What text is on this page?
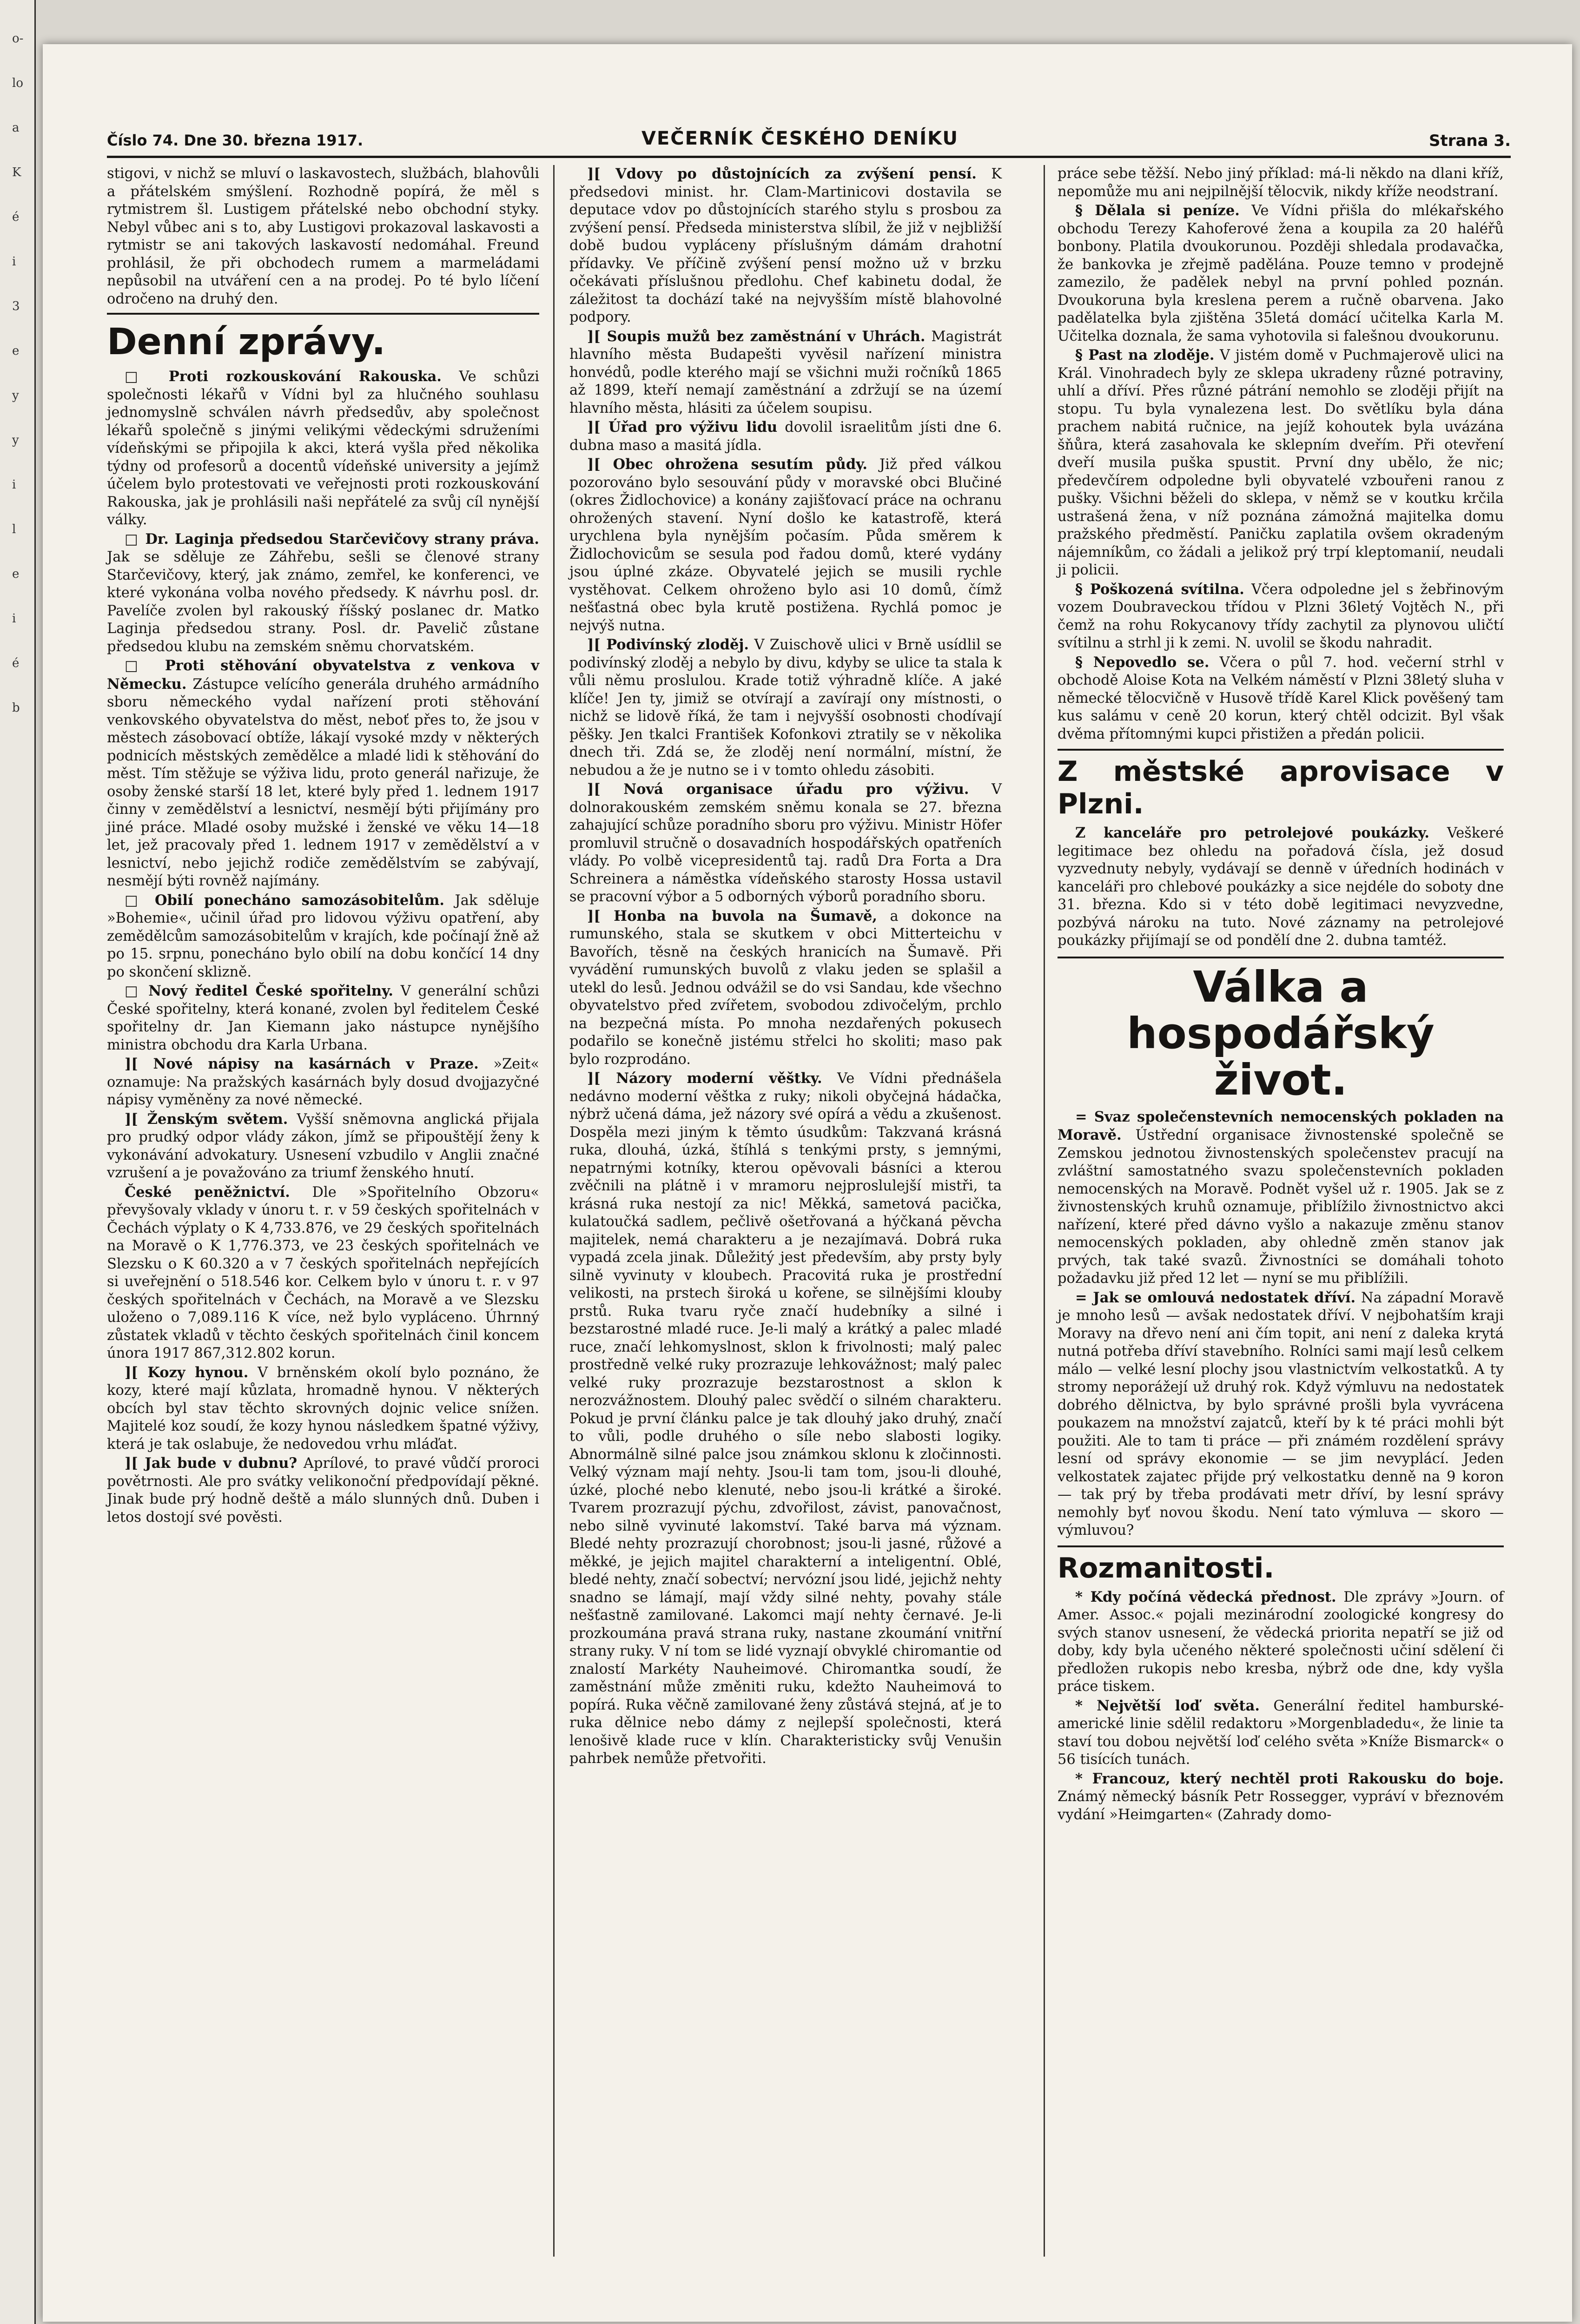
o-
lo
a
K
é
i
3
e
y
y
i
l
e
i
é
b
Číslo 74. Dne 30. března 1917.	VEČERNÍK ČESKÉHO DENÍKU	Strana 3.

stigovi, v nichž se mluví o laskavostech, službách, blahovůli a přátelském smýšlení. Rozhodně popírá, že měl s rytmistrem šl. Lustigem přátelské nebo obchodní styky. Nebyl vůbec ani s to, aby Lustigovi prokazoval laskavosti a rytmistr se ani takových laskavostí nedomáhal. Freund prohlásil, že při obchodech rumem a marmeládami nepůsobil na utváření cen a na prodej. Po té bylo líčení odročeno na druhý den.

Denní zprávy.

□ Proti rozkouskování Rakouska. Ve schůzi společnosti lékařů v Vídni byl za hlučného souhlasu jednomyslně schválen návrh předsedův, aby společnost lékařů společně s jinými velikými vědeckými sdruženími vídeňskými se připojila k akci, která vyšla před několika týdny od profesorů a docentů vídeňské university a jejímž účelem bylo protestovati ve veřejnosti proti rozkouskování Rakouska, jak je prohlásili naši nepřátelé za svůj cíl nynější války.

□ Dr. Laginja předsedou Starčevičovy strany práva. Jak se sděluje ze Záhřebu, sešli se členové strany Starčevičovy, který, jak známo, zemřel, ke konferenci, ve které vykonána volba nového předsedy. K návrhu posl. dr. Pavelíče zvolen byl rakouský říšský poslanec dr. Matko Laginja předsedou strany. Posl. dr. Pavelič zůstane předsedou klubu na zemském sněmu chorvatském.

□ Proti stěhování obyvatelstva z venkova v Německu. Zástupce velícího generála druhého armádního sboru německého vydal nařízení proti stěhování venkovského obyvatelstva do měst, neboť přes to, že jsou v městech zásobovací obtíže, lákají vysoké mzdy v některých podnicích městských zemědělce a mladé lidi k stěhování do měst. Tím stěžuje se výživa lidu, proto generál nařizuje, že osoby ženské starší 18 let, které byly před 1. lednem 1917 činny v zemědělství a lesnictví, nesmějí býti přijímány pro jiné práce. Mladé osoby mužské i ženské ve věku 14—18 let, jež pracovaly před 1. lednem 1917 v zemědělství a v lesnictví, nebo jejichž rodiče zemědělstvím se zabývají, nesmějí býti rovněž najímány.

□ Obilí ponecháno samozásobitelům. Jak sděluje »Bohemie«, učinil úřad pro lidovou výživu opatření, aby zemědělcům samozásobitelům v krajích, kde počínají žně až po 15. srpnu, ponecháno bylo obilí na dobu končící 14 dny po skončení sklizně.

□ Nový ředitel České spořitelny. V generální schůzi České spořitelny, která konané, zvolen byl ředitelem České spořitelny dr. Jan Kiemann jako nástupce nynějšího ministra obchodu dra Karla Urbana.

][ Nové nápisy na kasárnách v Praze. »Zeit« oznamuje: Na pražských kasárnách byly dosud dvojjazyčné nápisy vyměněny za nové německé.

][ Ženským světem. Vyšší sněmovna anglická přijala pro prudký odpor vlády zákon, jímž se připouštějí ženy k vykonávání advokatury. Usnesení vzbudilo v Anglii značné vzrušení a je považováno za triumf ženského hnutí.

České peněžnictví. Dle »Spořitelního Obzoru« převyšovaly vklady v únoru t. r. v 59 českých spořitelnách v Čechách výplaty o K 4,733.876, ve 29 českých spořitelnách na Moravě o K 1,776.373, ve 23 českých spořitelnách ve Slezsku o K 60.320 a v 7 českých spořitelnách nepřejících si uveřejnění o 518.546 kor. Celkem bylo v únoru t. r. v 97 českých spořitelnách v Čechách, na Moravě a ve Slezsku uloženo o 7,089.116 K více, než bylo vypláceno. Úhrnný zůstatek vkladů v těchto českých spořitelnách činil koncem února 1917 867,312.802 korun.

][ Kozy hynou. V brněnském okolí bylo poznáno, že kozy, které mají kůzlata, hromadně hynou. V některých obcích byl stav těchto skrovných dojnic velice snížen. Majitelé koz soudí, že kozy hynou následkem špatné výživy, která je tak oslabuje, že nedovedou vrhu mláďat.

][ Jak bude v dubnu? Aprílové, to pravé vůdčí proroci povětrnosti. Ale pro svátky velikonoční předpovídají pěkné. Jinak bude prý hodně deště a málo slunných dnů. Duben i letos dostojí své pověsti.

][ Vdovy po důstojnících za zvýšení pensí. K předsedovi minist. hr. Clam-Martinicovi dostavila se deputace vdov po důstojnících starého stylu s prosbou za zvýšení pensí. Předseda ministerstva slíbil, že již v nejbližší době budou vypláceny příslušným dámám drahotní přídavky. Ve příčině zvýšení pensí možno už v brzku očekávati příslušnou předlohu. Chef kabinetu dodal, že záležitost ta dochází také na nejvyšším místě blahovolné podpory.

][ Soupis mužů bez zaměstnání v Uhrách. Magistrát hlavního města Budapešti vyvěsil nařízení ministra honvédů, podle kterého mají se všichni muži ročníků 1865 až 1899, kteří nemají zaměstnání a zdržují se na území hlavního města, hlásiti za účelem soupisu.

][ Úřad pro výživu lidu dovolil israelitům jísti dne 6. dubna maso a masitá jídla.

][ Obec ohrožena sesutím půdy. Již před válkou pozorováno bylo sesouvání půdy v moravské obci Blučiné (okres Židlochovice) a konány zajišťovací práce na ochranu ohrožených stavení. Nyní došlo ke katastrofě, která urychlena byla nynějším počasím. Půda směrem k Židlochovicům se sesula pod řadou domů, které vydány jsou úplné zkáze. Obyvatelé jejich se musili rychle vystěhovat. Celkem ohroženo bylo asi 10 domů, čímž nešťastná obec byla krutě postižena. Rychlá pomoc je nejvýš nutna.

][ Podivínský zloděj. V Zuischově ulici v Brně usídlil se podivínský zloděj a nebylo by divu, kdyby se ulice ta stala k vůli němu proslulou. Krade totiž výhradně klíče. A jaké klíče! Jen ty, jimiž se otvírají a zavírají ony místnosti, o nichž se lidově říká, že tam i nejvyšší osobnosti chodívají pěšky. Jen tkalci František Kofonkovi ztratily se v několika dnech tři. Zdá se, že zloděj není normální, místní, že nebudou a že je nutno se i v tomto ohledu zásobiti.

][ Nová organisace úřadu pro výživu. V dolnorakouském zemském sněmu konala se 27. března zahajující schůze poradního sboru pro výživu. Ministr Höfer promluvil stručně o dosavadních hospodářských opatřeních vlády. Po volbě vicepresidentů taj. radů Dra Forta a Dra Schreinera a náměstka vídeňského starosty Hossa ustavil se pracovní výbor a 5 odborných výborů poradního sboru.

][ Honba na buvola na Šumavě, a dokonce na rumunského, stala se skutkem v obci Mitterteichu v Bavořích, těsně na českých hranicích na Šumavě. Při vyvádění rumunských buvolů z vlaku jeden se splašil a utekl do lesů. Jednou odvážil se do vsi Sandau, kde všechno obyvatelstvo před zvířetem, svobodou zdivočelým, prchlo na bezpečná místa. Po mnoha nezdařených pokusech podařilo se konečně jistému střelci ho skoliti; maso pak bylo rozprodáno.

][ Názory moderní věštky. Ve Vídni přednášela nedávno moderní věštka z ruky; nikoli obyčejná hádačka, nýbrž učená dáma, jež názory své opírá a vědu a zkušenost. Dospěla mezi jiným k těmto úsudkům: Takzvaná krásná ruka, dlouhá, úzká, štíhlá s tenkými prsty, s jemnými, nepatrnými kotníky, kterou opěvovali básníci a kterou zvěčnili na plátně i v mramoru nejproslulejší mistři, ta krásná ruka nestojí za nic! Měkká, sametová pacička, kulatoučká sadlem, pečlivě ošetřovaná a hýčkaná pěvcha majitelek, nemá charakteru a je nezajímavá. Dobrá ruka vypadá zcela jinak. Důležitý jest především, aby prsty byly silně vyvinuty v kloubech. Pracovitá ruka je prostřední velikosti, na prstech široká u kořene, se silnějšími klouby prstů. Ruka tvaru ryče značí hudebníky a silné i bezstarostné mladé ruce. Je-li malý a krátký a palec mladé ruce, značí lehkomyslnost, sklon k frivolnosti; malý palec prostředně velké ruky prozrazuje lehkovážnost; malý palec velké ruky prozrazuje bezstarostnost a sklon k nerozvážnostem. Dlouhý palec svědčí o silném charakteru. Pokud je první článku palce je tak dlouhý jako druhý, značí to vůli, podle druhého o síle nebo slabosti logiky. Abnormálně silné palce jsou známkou sklonu k zločinnosti. Velký význam mají nehty. Jsou-li tam tom, jsou-li dlouhé, úzké, ploché nebo klenuté, nebo jsou-li krátké a široké. Tvarem prozrazují pýchu, zdvořilost, závist, panovačnost, nebo silně vyvinuté lakomství. Také barva má význam. Bledé nehty prozrazují chorobnost; jsou-li jasné, růžové a měkké, je jejich majitel charakterní a inteligentní. Oblé, bledé nehty, značí sobectví; nervózní jsou lidé, jejichž nehty snadno se lámají, mají vždy silné nehty, povahy stále nešťastně zamilované. Lakomci mají nehty černavé. Je-li prozkoumána pravá strana ruky, nastane zkoumání vnitřní strany ruky. V ní tom se lidé vyznají obvyklé chiromantie od znalostí Markéty Nauheimové. Chiromantka soudí, že zaměstnání může změniti ruku, kdežto Nauheimová to popírá. Ruka věčně zamilované ženy zůstává stejná, ať je to ruka dělnice nebo dámy z nejlepší společnosti, která lenošivě klade ruce v klín. Charakteristicky svůj Venušin pahrbek nemůže přetvořiti.

práce sebe těžší. Nebo jiný příklad: má-li někdo na dlani kříž, nepomůže mu ani nejpilnější tělocvik, nikdy kříže neodstraní.

§ Dělala si peníze. Ve Vídni přišla do mlékařského obchodu Terezy Kahoferové žena a koupila za 20 haléřů bonbony. Platila dvoukorunou. Později shledala prodavačka, že bankovka je zřejmě padělána. Pouze temno v prodejně zamezilo, že padělek nebyl na první pohled poznán. Dvoukoruna byla kreslena perem a ručně obarvena. Jako padělatelka byla zjištěna 35letá domácí učitelka Karla M. Učitelka doznala, že sama vyhotovila si falešnou dvoukorunu.

§ Past na zloděje. V jistém domě v Puchmajerově ulici na Král. Vinohradech byly ze sklepa ukradeny různé potraviny, uhlí a dříví. Přes různé pátrání nemohlo se zloději přijít na stopu. Tu byla vynalezena lest. Do světlíku byla dána prachem nabitá ručnice, na jejíž kohoutek byla uvázána šňůra, která zasahovala ke sklepním dveřím. Při otevření dveří musila puška spustit. První dny ubělo, že nic; předevčírem odpoledne byli obyvatelé vzbouřeni ranou z pušky. Všichni běželi do sklepa, v němž se v koutku krčila ustrašená žena, v níž poznána zámožná majitelka domu pražského předměstí. Paničku zaplatila ovšem okradeným nájemníkům, co žádali a jelikož prý trpí kleptomanií, neudali ji policii.

§ Poškozená svítilna. Včera odpoledne jel s žebřinovým vozem Doubraveckou třídou v Plzni 36letý Vojtěch N., při čemž na rohu Rokycanovy třídy zachytil za plynovou uličtí svítilnu a strhl ji k zemi. N. uvolil se škodu nahradit.

§ Nepovedlo se. Včera o půl 7. hod. večerní strhl v obchodě Aloise Kota na Velkém náměstí v Plzni 38letý sluha v německé tělocvičně v Husově třídě Karel Klick pověšený tam kus salámu v ceně 20 korun, který chtěl odcizit. Byl však dvěma přítomnými kupci přistižen a předán policii.

Z městské aprovisace v Plzni.

Z kanceláře pro petrolejové poukázky. Veškeré legitimace bez ohledu na pořadová čísla, jež dosud vyzvednuty nebyly, vydávají se denně v úředních hodinách v kanceláři pro chlebové poukázky a sice nejdéle do soboty dne 31. března. Kdo si v této době legitimaci nevyzvedne, pozbývá nároku na tuto. Nové záznamy na petrolejové poukázky přijímají se od pondělí dne 2. dubna tamtéž.

Válka a hospodářský život.

= Svaz společenstevních nemocenských pokladen na Moravě. Ústřední organisace živnostenské společně se Zemskou jednotou živnostenských společenstev pracují na zvláštní samostatného svazu společenstevních pokladen nemocenských na Moravě. Podnět vyšel už r. 1905. Jak se z živnostenských kruhů oznamuje, přiblížilo živnostnictvo akci nařízení, které před dávno vyšlo a nakazuje změnu stanov nemocenských pokladen, aby ohledně změn stanov jak prvých, tak také svazů. Živnostníci se domáhali tohoto požadavku již před 12 let — nyní se mu přiblížili.

= Jak se omlouvá nedostatek dříví. Na západní Moravě je mnoho lesů — avšak nedostatek dříví. V nejbohatším kraji Moravy na dřevo není ani čím topit, ani není z daleka krytá nutná potřeba dříví stavebního. Rolníci sami mají lesů celkem málo — velké lesní plochy jsou vlastnictvím velkostatků. A ty stromy neporážejí už druhý rok. Když výmluvu na nedostatek dobrého dělnictva, by bylo správné prošli byla vyvrácena poukazem na množství zajatců, kteří by k té práci mohli být použiti. Ale to tam ti práce — při známém rozdělení správy lesní od správy ekonomie — se jim nevyplácí. Jeden velkostatek zajatec přijde prý velkostatku denně na 9 koron — tak prý by třeba prodávati metr dříví, by lesní správy nemohly byť novou škodu. Není tato výmluva — skoro — výmluvou?

Rozmanitosti.

* Kdy počíná vědecká přednost. Dle zprávy »Journ. of Amer. Assoc.« pojali mezinárodní zoologické kongresy do svých stanov usnesení, že vědecká priorita nepatří se již od doby, kdy byla učeného některé společnosti učiní sdělení či předložen rukopis nebo kresba, nýbrž ode dne, kdy vyšla práce tiskem.

* Největší loď světa. Generální ředitel hamburské-americké linie sdělil redaktoru »Morgenbladedu«, že linie ta staví tou dobou největší loď celého světa »Kníže Bismarck« o 56 tisících tunách.

* Francouz, který nechtěl proti Rakousku do boje. Známý německý básník Petr Rossegger, vypráví v březnovém vydání »Heimgarten« (Zahrady domo-
